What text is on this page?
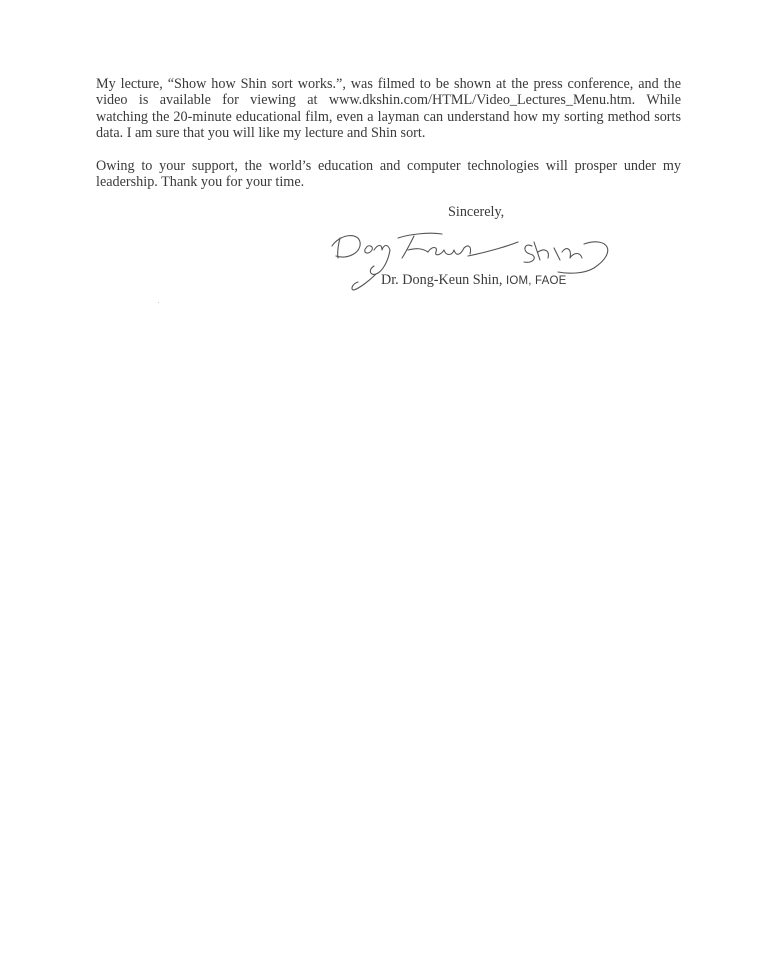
My lecture, “Show how Shin sort works.”, was filmed to be shown at the press conference, and the video is available for viewing at www.dkshin.com/HTML/Video_Lectures_Menu.htm. While watching the 20-minute educational film, even a layman can understand how my sorting method sorts data. I am sure that you will like my lecture and Shin sort.

Owing to your support, the world’s education and computer technologies will prosper under my leadership. Thank you for your time.

Sincerely,

Dr. Dong-Keun Shin, IOM, FAOE
